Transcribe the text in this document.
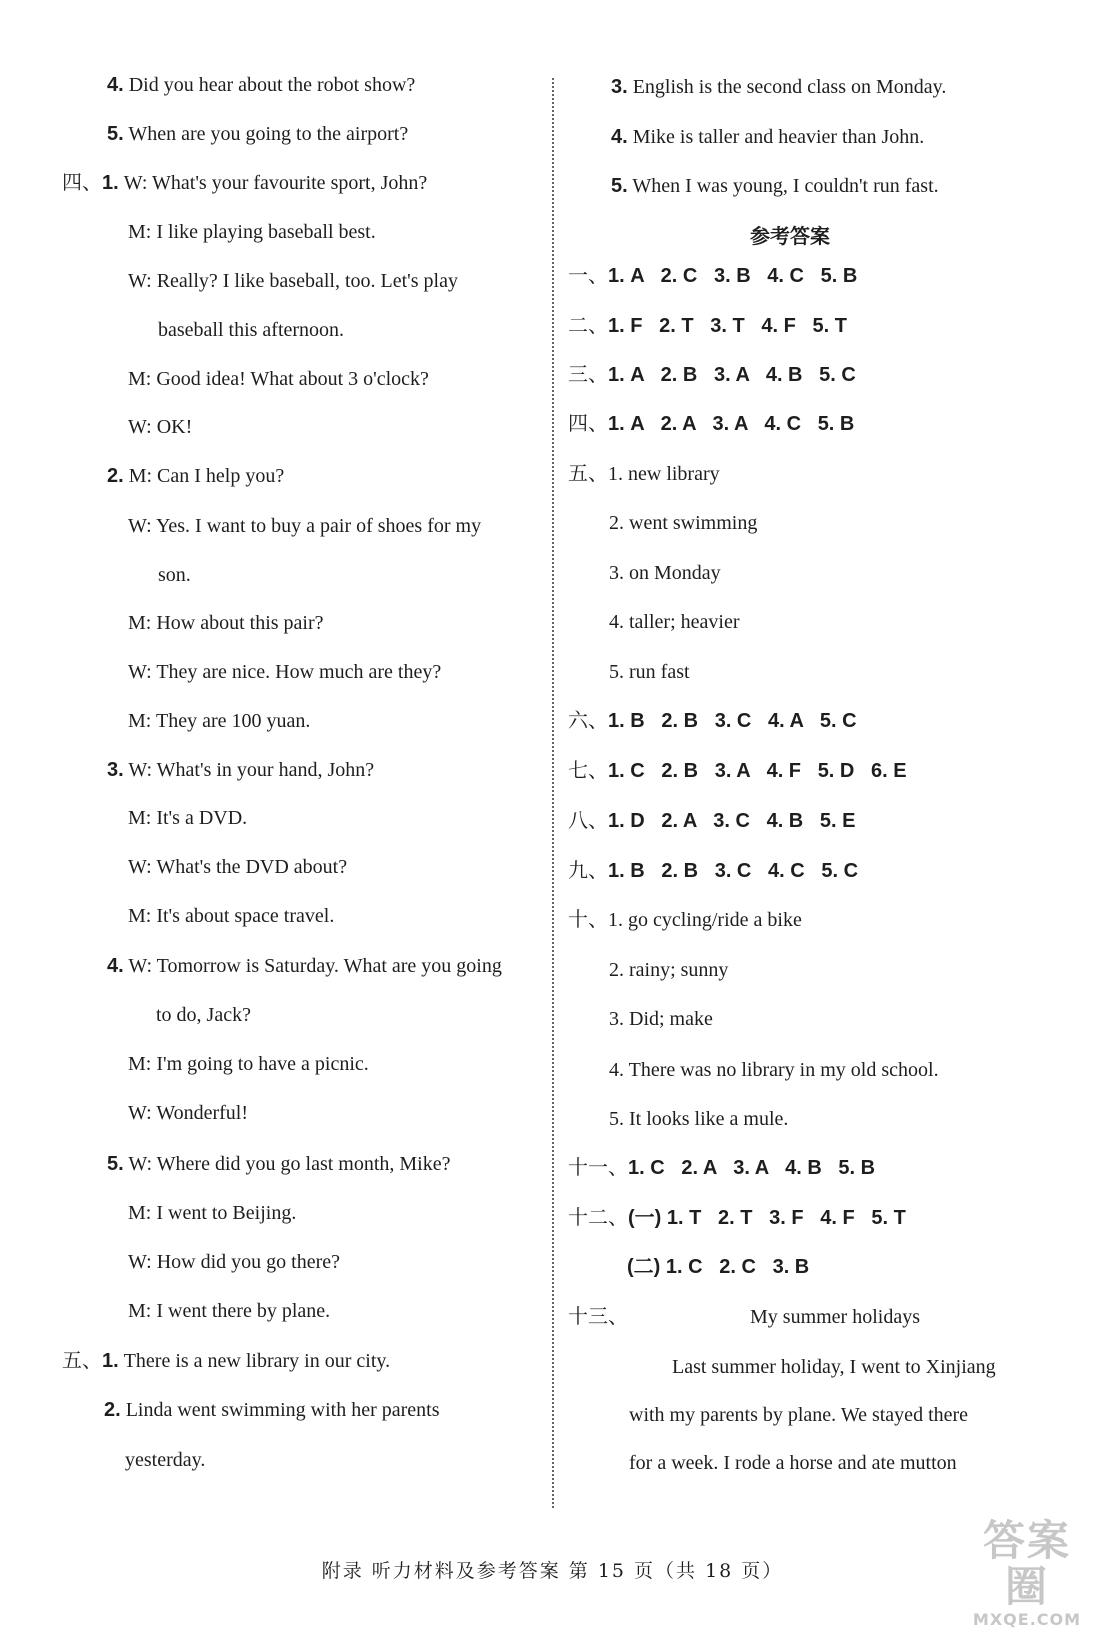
4. Did you hear about the robot show?
5. When are you going to the airport?
四、1. W: What's your favourite sport, John?
M: I like playing baseball best.
W: Really? I like baseball, too. Let's play
baseball this afternoon.
M: Good idea! What about 3 o'clock?
W: OK!
2. M: Can I help you?
W: Yes. I want to buy a pair of shoes for my
son.
M: How about this pair?
W: They are nice. How much are they?
M: They are 100 yuan.
3. W: What's in your hand, John?
M: It's a DVD.
W: What's the DVD about?
M: It's about space travel.
4. W: Tomorrow is Saturday. What are you going
to do, Jack?
M: I'm going to have a picnic.
W: Wonderful!
5. W: Where did you go last month, Mike?
M: I went to Beijing.
W: How did you go there?
M: I went there by plane.
五、1. There is a new library in our city.
2. Linda went swimming with her parents
yesterday.
3. English is the second class on Monday.
4. Mike is taller and heavier than John.
5. When I was young, I couldn't run fast.
参考答案
一、1. A   2. C   3. B   4. C   5. B
二、1. F   2. T   3. T   4. F   5. T
三、1. A   2. B   3. A   4. B   5. C
四、1. A   2. A   3. A   4. C   5. B
五、1. new library
2. went swimming
3. on Monday
4. taller; heavier
5. run fast
六、1. B   2. B   3. C   4. A   5. C
七、1. C   2. B   3. A   4. F   5. D   6. E
八、1. D   2. A   3. C   4. B   5. E
九、1. B   2. B   3. C   4. C   5. C
十、1. go cycling/ride a bike
2. rainy; sunny
3. Did; make
4. There was no library in my old school.
5. It looks like a mule.
十一、1. C   2. A   3. A   4. B   5. B
十二、(一) 1. T   2. T   3. F   4. F   5. T
(二) 1. C   2. C   3. B
十三、	My summer holidays
Last summer holiday, I went to Xinjiang
with my parents by plane. We stayed there
for a week. I rode a horse and ate mutton
附录 听力材料及参考答案 第 15 页（共 18 页）
答案圈
MXQE.COM
